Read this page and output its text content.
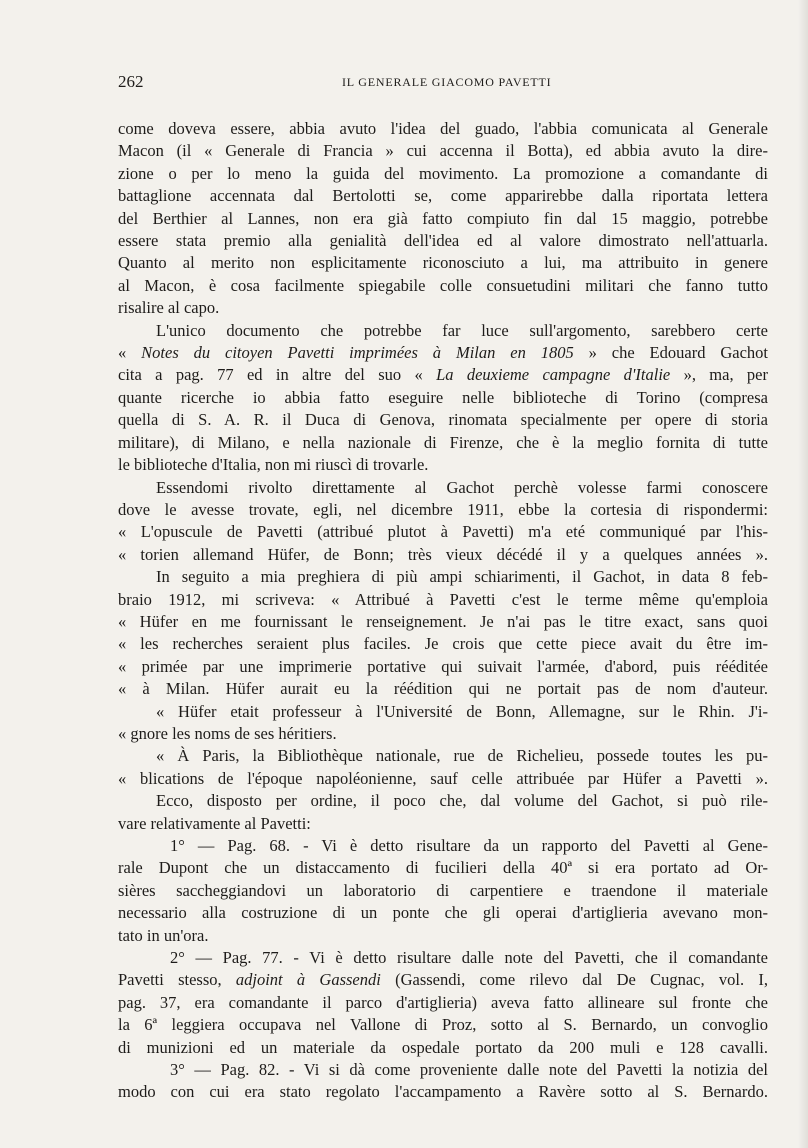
262	IL GENERALE GIACOMO PAVETTI
come doveva essere, abbia avuto l'idea del guado, l'abbia comunicata al Generale
Macon (il « Generale di Francia » cui accenna il Botta), ed abbia avuto la dire-
zione o per lo meno la guida del movimento. La promozione a comandante di
battaglione accennata dal Bertolotti se, come apparirebbe dalla riportata lettera
del Berthier al Lannes, non era già fatto compiuto fin dal 15 maggio, potrebbe
essere stata premio alla genialità dell'idea ed al valore dimostrato nell'attuarla.
Quanto al merito non esplicitamente riconosciuto a lui, ma attribuito in genere
al Macon, è cosa facilmente spiegabile colle consuetudini militari che fanno tutto
risalire al capo.
L'unico documento che potrebbe far luce sull'argomento, sarebbero certe
« Notes du citoyen Pavetti imprimées à Milan en 1805 » che Edouard Gachot
cita a pag. 77 ed in altre del suo « La deuxieme campagne d'Italie », ma, per
quante ricerche io abbia fatto eseguire nelle biblioteche di Torino (compresa
quella di S. A. R. il Duca di Genova, rinomata specialmente per opere di storia
militare), di Milano, e nella nazionale di Firenze, che è la meglio fornita di tutte
le biblioteche d'Italia, non mi riuscì di trovarle.
Essendomi rivolto direttamente al Gachot perchè volesse farmi conoscere
dove le avesse trovate, egli, nel dicembre 1911, ebbe la cortesia di rispondermi:
« L'opuscule de Pavetti (attribué plutot à Pavetti) m'a eté communiqué par l'his-
« torien allemand Hüfer, de Bonn; très vieux décédé il y a quelques années ».
In seguito a mia preghiera di più ampi schiarimenti, il Gachot, in data 8 feb-
braio 1912, mi scriveva: « Attribué à Pavetti c'est le terme même qu'emploia
« Hüfer en me fournissant le renseignement. Je n'ai pas le titre exact, sans quoi
« les recherches seraient plus faciles. Je crois que cette piece avait du être im-
« primée par une imprimerie portative qui suivait l'armée, d'abord, puis rééditée
« à Milan. Hüfer aurait eu la réédition qui ne portait pas de nom d'auteur.
« Hüfer etait professeur à l'Université de Bonn, Allemagne, sur le Rhin. J'i-
« gnore les noms de ses héritiers.
« À Paris, la Bibliothèque nationale, rue de Richelieu, possede toutes les pu-
« blications de l'époque napoléonienne, sauf celle attribuée par Hüfer a Pavetti ».
Ecco, disposto per ordine, il poco che, dal volume del Gachot, si può rile-
vare relativamente al Pavetti:
1° — Pag. 68. - Vi è detto risultare da un rapporto del Pavetti al Gene-
rale Dupont che un distaccamento di fucilieri della 40ª si era portato ad Or-
sières saccheggiandovi un laboratorio di carpentiere e traendone il materiale
necessario alla costruzione di un ponte che gli operai d'artiglieria avevano mon-
tato in un'ora.
2° — Pag. 77. - Vi è detto risultare dalle note del Pavetti, che il comandante
Pavetti stesso, adjoint à Gassendi (Gassendi, come rilevo dal De Cugnac, vol. I,
pag. 37, era comandante il parco d'artiglieria) aveva fatto allineare sul fronte che
la 6ª leggiera occupava nel Vallone di Proz, sotto al S. Bernardo, un convoglio
di munizioni ed un materiale da ospedale portato da 200 muli e 128 cavalli.
3° — Pag. 82. - Vi si dà come proveniente dalle note del Pavetti la notizia del
modo con cui era stato regolato l'accampamento a Ravère sotto al S. Bernardo.
